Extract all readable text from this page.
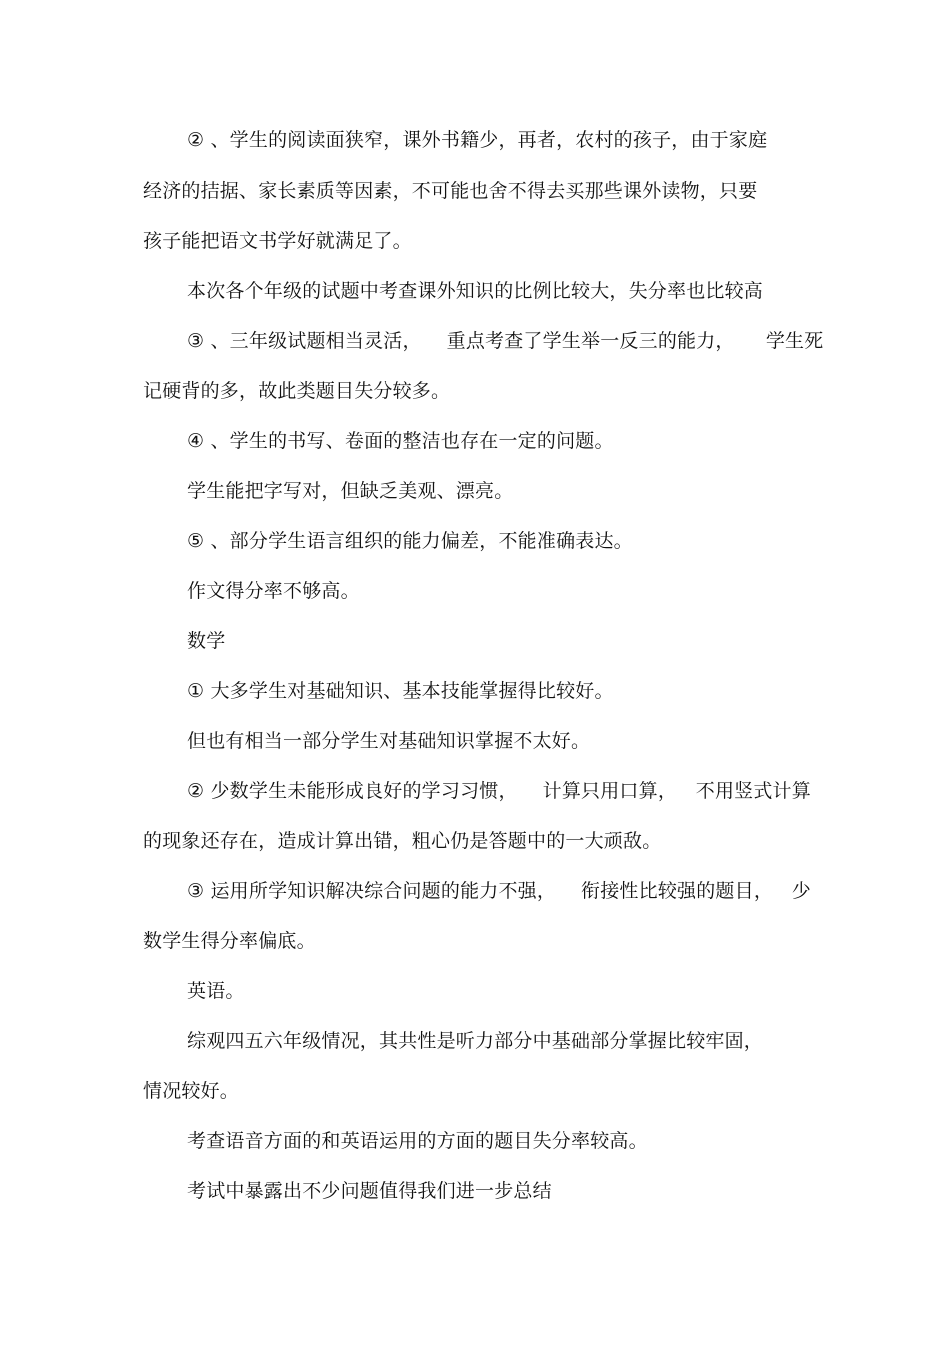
② 、学生的阅读面狭窄，课外书籍少，再者，农村的孩子，由于家庭
经济的拮据、家长素质等因素，不可能也舍不得去买那些课外读物，只要
孩子能把语文书学好就满足了。
本次各个年级的试题中考查课外知识的比例比较大，失分率也比较高
③ 、三年级试题相当灵活，    重点考查了学生举一反三的能力，     学生死
记硬背的多，故此类题目失分较多。
④ 、学生的书写、卷面的整洁也存在一定的问题。
学生能把字写对，但缺乏美观、漂亮。
⑤ 、部分学生语言组织的能力偏差，不能准确表达。
作文得分率不够高。
数学
① 大多学生对基础知识、基本技能掌握得比较好。
但也有相当一部分学生对基础知识掌握不太好。
② 少数学生未能形成良好的学习习惯，    计算只用口算，   不用竖式计算
的现象还存在，造成计算出错，粗心仍是答题中的一大顽敌。
③ 运用所学知识解决综合问题的能力不强，    衔接性比较强的题目，   少
数学生得分率偏底。
英语。
综观四五六年级情况，其共性是听力部分中基础部分掌握比较牢固，
情况较好。
考查语音方面的和英语运用的方面的题目失分率较高。
考试中暴露出不少问题值得我们进一步总结
